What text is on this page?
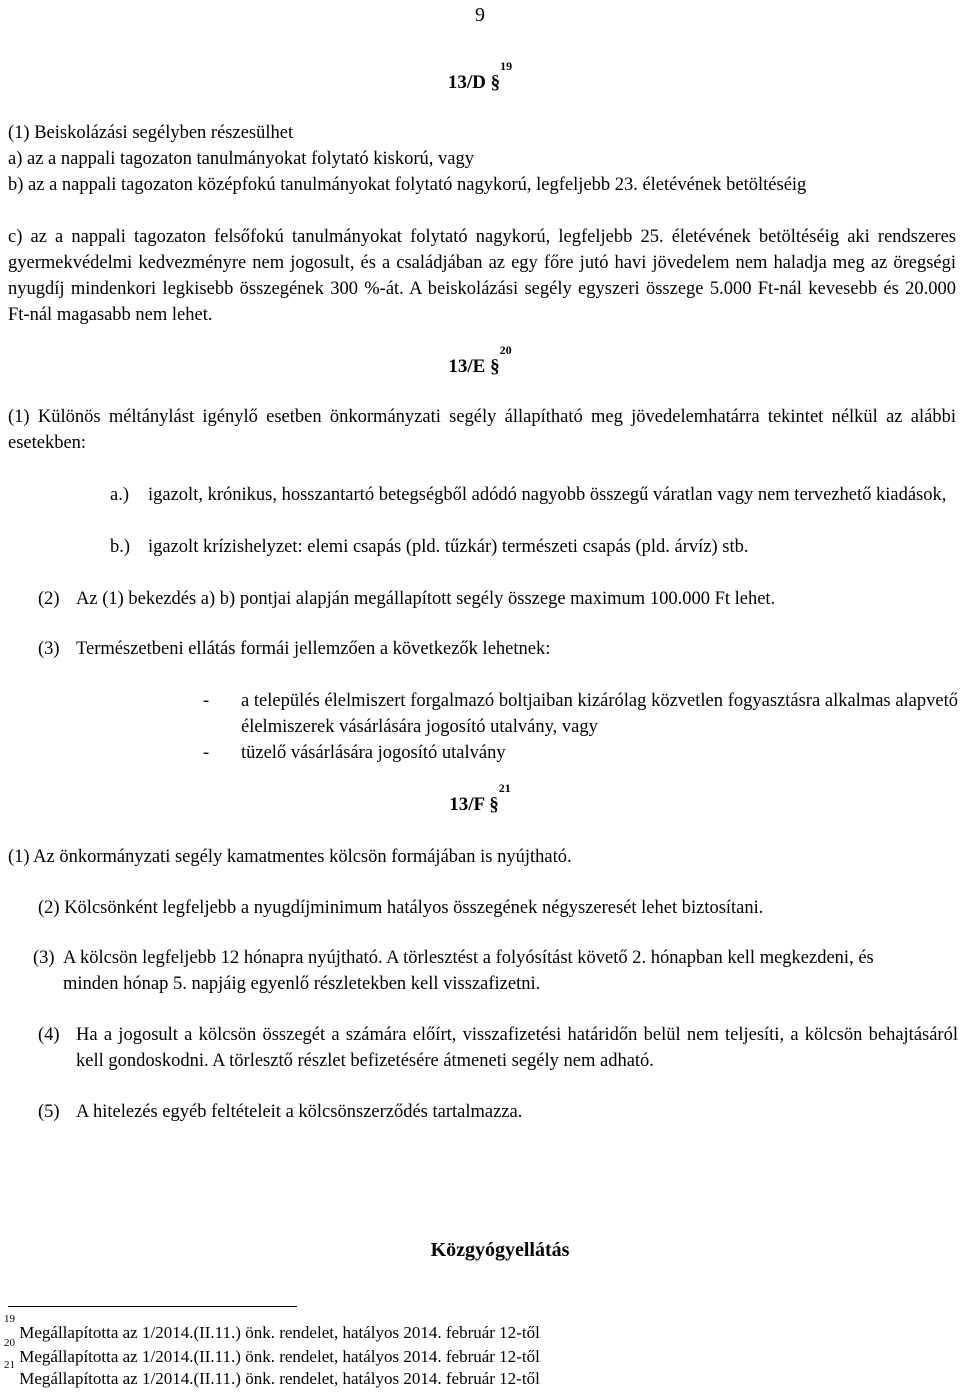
9
13/D §$^{19}$
(1) Beiskolázási segélyben részesülhet
a) az a nappali tagozaton tanulmányokat folytató kiskorú, vagy
b) az a nappali tagozaton középfokú tanulmányokat folytató nagykorú, legfeljebb 23. életévének betöltéséig
c) az a nappali tagozaton felsőfokú tanulmányokat folytató nagykorú, legfeljebb 25. életévének betöltéséig aki rendszeres gyermekvédelmi kedvezményre nem jogosult, és a családjában az egy főre jutó havi jövedelem nem haladja meg az öregségi nyugdíj mindenkori legkisebb összegének 300 %-át. A beiskolázási segély egyszeri összege 5.000 Ft-nál kevesebb és 20.000 Ft-nál magasabb nem lehet.
13/E §$^{20}$
(1) Különös méltánylást igénylő esetben önkormányzati segély állapítható meg jövedelemhatárra tekintet nélkül az alábbi esetekben:
a.) igazolt, krónikus, hosszantartó betegségből adódó nagyobb összegű váratlan vagy nem tervezhető kiadások,
b.) igazolt krízishelyzet: elemi csapás (pld. tűzkár) természeti csapás (pld. árvíz) stb.
(2) Az (1) bekezdés a) b) pontjai alapján megállapított segély összege maximum 100.000 Ft lehet.
(3) Természetbeni ellátás formái jellemzően a következők lehetnek:
- a település élelmiszert forgalmazó boltjaiban kizárólag közvetlen fogyasztásra alkalmas alapvető élelmiszerek vásárlására jogosító utalvány, vagy
- tüzelő vásárlására jogosító utalvány
13/F §$^{21}$
(1) Az önkormányzati segély kamatmentes kölcsön formájában is nyújtható.
(2) Kölcsönként legfeljebb a nyugdíjminimum hatályos összegének négyszeresét lehet biztosítani.
(3) A kölcsön legfeljebb 12 hónapra nyújtható. A törlesztést a folyósítást követő 2. hónapban kell megkezdeni, és minden hónap 5. napjáig egyenlő részletekben kell visszafizetni.
(4) Ha a jogosult a kölcsön összegét a számára előírt, visszafizetési határidőn belül nem teljesíti, a kölcsön behajtásáról kell gondoskodni. A törlesztő részlet befizetésére átmeneti segély nem adható.
(5) A hitelezés egyéb feltételeit a kölcsönszerződés tartalmazza.
Közgyógyellátás
$^{19}$ Megállapította az 1/2014.(II.11.) önk. rendelet, hatályos 2014. február 12-től
$^{20}$ Megállapította az 1/2014.(II.11.) önk. rendelet, hatályos 2014. február 12-től
$^{21}$ Megállapította az 1/2014.(II.11.) önk. rendelet, hatályos 2014. február 12-től
